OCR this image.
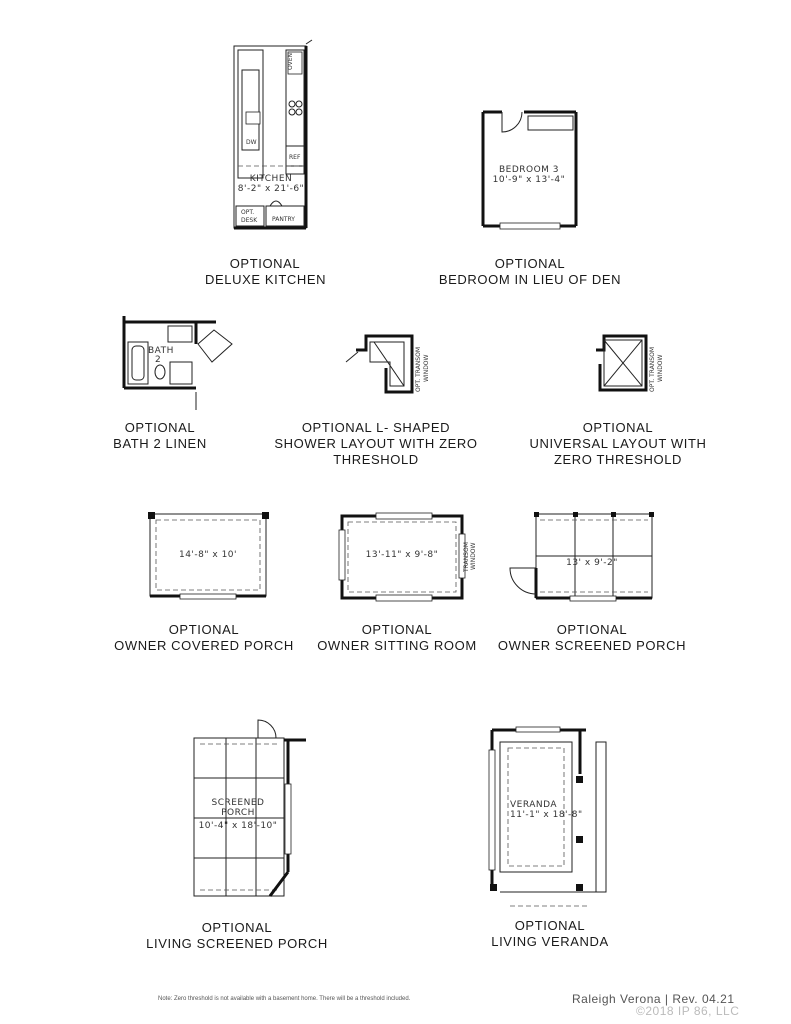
KITCHEN
8'-2" x 21'-6"
OVEN
DW
REF
OPT.
DESK PANTRY
BEDROOM 3
10'-9" x 13'-4"
BATH
2	OPT. TRANSOM WINDOW	OPT. TRANSOM WINDOW
14'-8" x 10'	13'-11" x 9'-8"	TRANSOM WINDOW	13' x 9'-2"
SCREENED
PORCH
10'-4" x 18'-10"
VERANDA
11'-1" x 18'-8"
OPTIONAL
DELUXE KITCHEN
OPTIONAL
BEDROOM IN LIEU OF DEN
OPTIONAL
BATH 2 LINEN
OPTIONAL L- SHAPED
SHOWER LAYOUT WITH ZERO
THRESHOLD
OPTIONAL
UNIVERSAL LAYOUT WITH
ZERO THRESHOLD
OPTIONAL
OWNER COVERED PORCH
OPTIONAL
OWNER SITTING ROOM
OPTIONAL
OWNER SCREENED PORCH
OPTIONAL
LIVING SCREENED PORCH
OPTIONAL
LIVING VERANDA
Note: Zero threshold is not available with a basement home. There will be a threshold included.	Raleigh Verona | Rev. 04.21
©2018 IP 86, LLC
